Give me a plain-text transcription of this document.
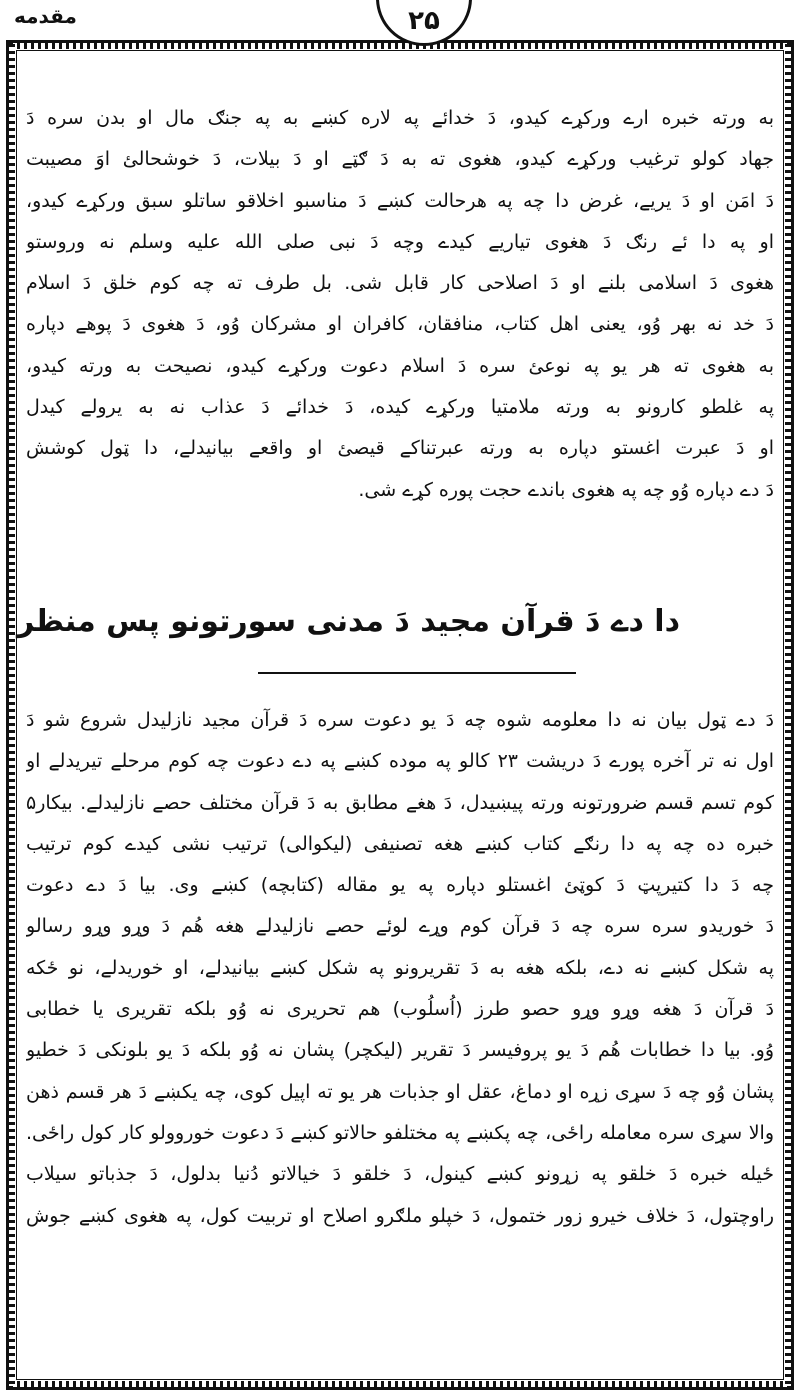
۲۵
مقدمه
به ورته خبره ارے ورکړے کيدو، دَ خدائے په لاره کښے به په جنګ مال او بدن سره دَ
جهاد کولو ترغيب ورکړے کيدو، هغوی ته به دَ ګټے او دَ بيلات، دَ خوشحالئ اوَ مصيبت
دَ امَن او دَ يريے، غرض دا چه په هرحالت کښے دَ مناسبو اخلاقو ساتلو سبق ورکړے کيدو،
او په دا ئے رنګ دَ هغوی تياريے کيدے وچه دَ نبی صلی الله عليه وسلم نه وروستو
هغوی دَ اسلامی بلنے او دَ اصلاحی کار قابل شی. بل طرف ته چه کوم خلق دَ اسلام
دَ خد نه بهر وُو، يعنی اهل کتاب، منافقان، کافران او مشرکان وُو، دَ هغوی دَ پوهے دپاره
به هغوی ته هر يو په نوعئ سره دَ اسلام دعوت ورکړے کيدو، نصيحت به ورته کيدو،
په غلطو کارونو به ورته ملامتيا ورکړے کيده، دَ خدائے دَ عذاب نه به يرولے کيدل
او دَ عبرت اغستو دپاره به ورته عبرتناکے قيصئ او واقعے بيانيدلے، دا ټول کوشش
دَ دے دپاره وُو چه په هغوی باندے حجت پوره کړے شی.
دا دے دَ قرآن مجيد دَ مدنی سورتونو پس منظر
دَ دے ټول بيان نه دا معلومه شوه چه دَ يو دعوت سره دَ قرآن مجيد نازليدل شروع شو دَ
اول نه تر آخره پورے دَ دريشت ۲۳ کالو په موده کښے په دے دعوت چه کوم مرحلے تيريدلے او
کوم تسم قسم ضرورتونه ورته پيښيدل، دَ هغے مطابق به دَ قرآن مختلف حصے نازليدلے. بيکار۵
خبره ده چه په دا رنګے کتاب کښے هغه تصنيفی (ليکوالی) ترتيب نشی کيدے کوم ترتيب
چه دَ دا کتيرپټ دَ کوټئ اغستلو دپاره په يو مقاله (کتابچه) کښے وی. بيا دَ دے دعوت
دَ خوريدو سره سره چه دَ قرآن کوم وړے لوئے حصے نازليدلے هغه هُم دَ وړو وړو رسالو
په شکل کښے نه دے، بلکه هغه به دَ تقريرونو په شکل کښے بيانيدلے، او خوريدلے، نو ځکه
دَ قرآن دَ هغه وړو وړو حصو طرز (اُسلُوب) هم تحريری نه وُو بلکه تقريری يا خطابی
وُو. بيا دا خطابات هُم دَ يو پروفيسر دَ تقرير (ليکچر) پشان نه وُو بلکه دَ يو بلونکی دَ خطيو
پشان وُو چه دَ سړی زړه او دماغ، عقل او جذبات هر يو ته اپيل کوی، چه يکښے دَ هر قسم ذهن
والا سړی سره معامله راځی، چه پکښے په مختلفو حالاتو کښے دَ دعوت خوروولو کار کول راځی.
ځيله خبره دَ خلقو په زړونو کښے کينول، دَ خلقو دَ خيالاتو دُنيا بدلول، دَ جذباتو سيلاب
راوچتول، دَ خلاف خيرو زور ختمول، دَ خپلو ملګرو اصلاح او تربيت کول، په هغوی کښے جوش
